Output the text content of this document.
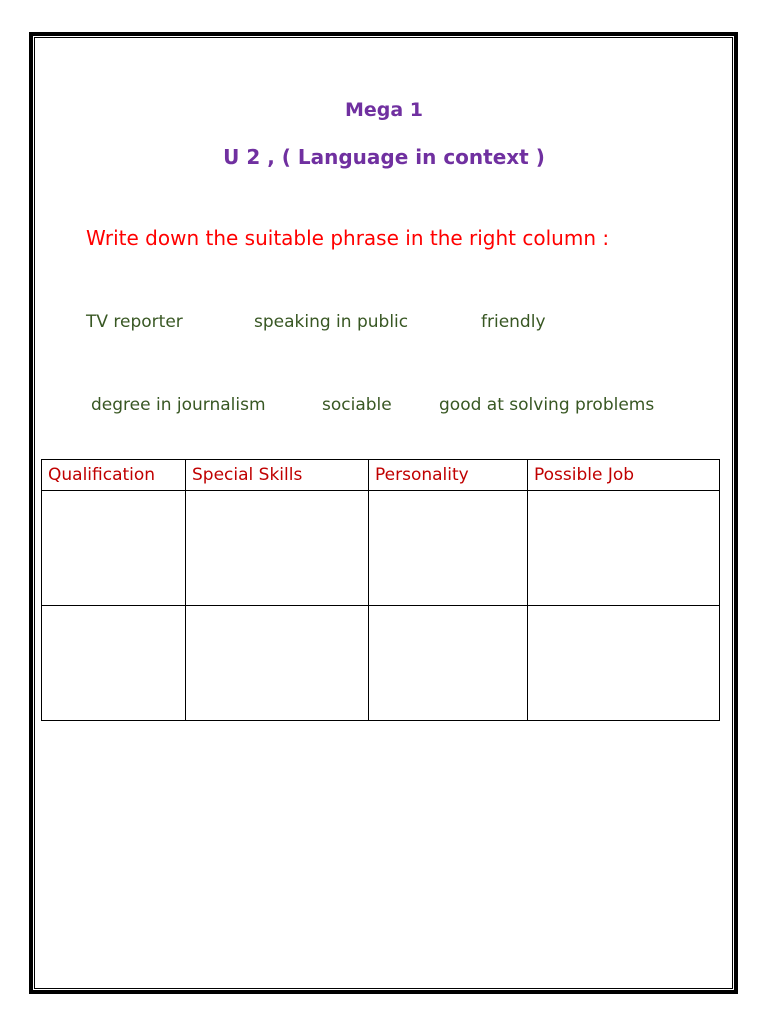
Mega 1
U 2 , ( Language in context )
Write down the suitable phrase in the right column :
TV reporter	speaking in public	friendly
degree in journalism	sociable	good at solving problems
Qualification	Special Skills	Personality	Possible Job
